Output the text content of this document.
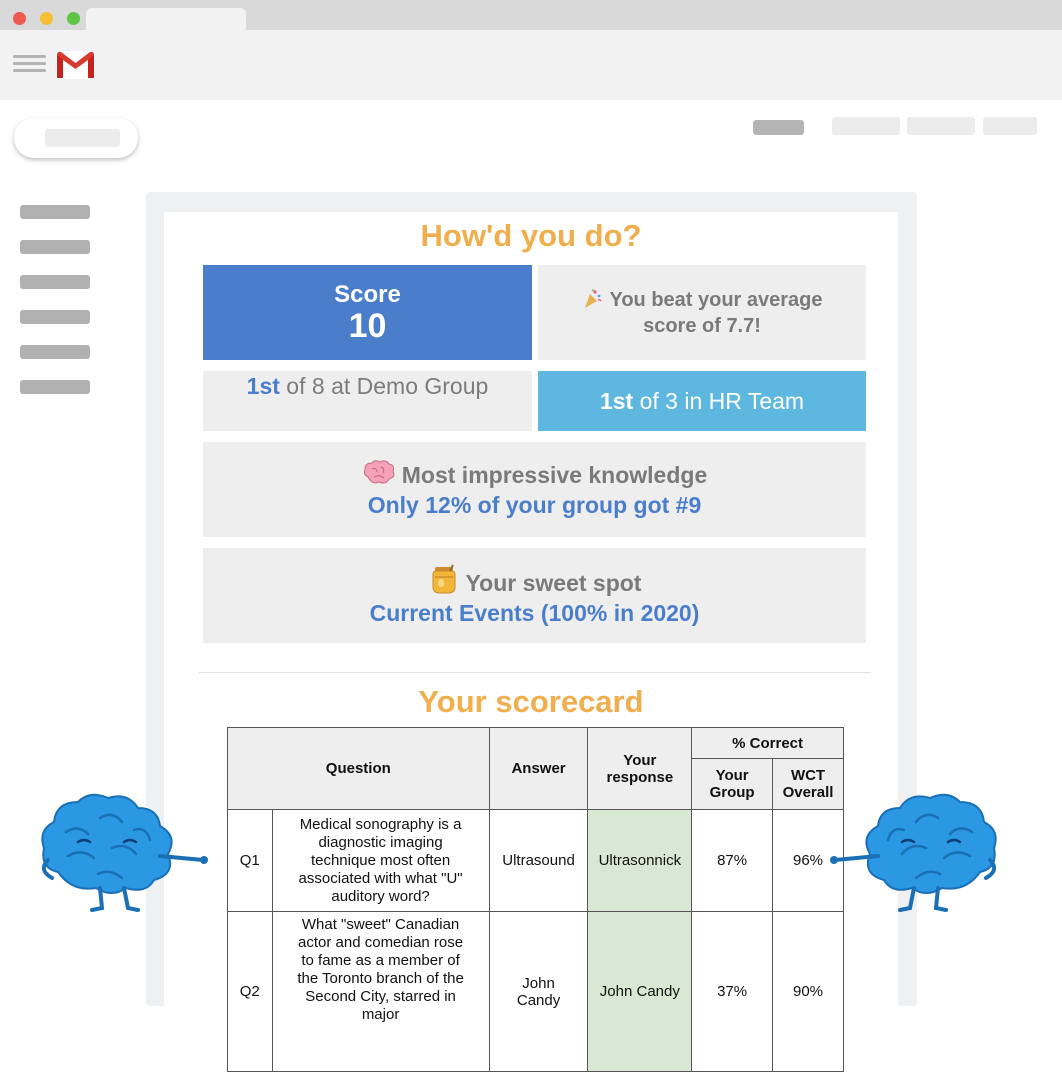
How'd you do?
Score
10
You beat your average
score of 7.7!
1st of 8 at Demo Group
1st of 3 in HR Team
Most impressive knowledge
Only 12% of your group got #9
Your sweet spot
Current Events (100% in 2020)
Your scorecard
Question		Answer	Your response	% Correct	
				Your Group	WCT Overall
Q1	Medical sonography is a diagnostic imaging technique most often associated with what "U" auditory word?	Ultrasound	Ultrasonnick	87%	96%
Q2	What "sweet" Canadian actor and comedian rose to fame as a member of the Toronto branch of the Second City, starred in major	John Candy	John Candy	37%	90%
